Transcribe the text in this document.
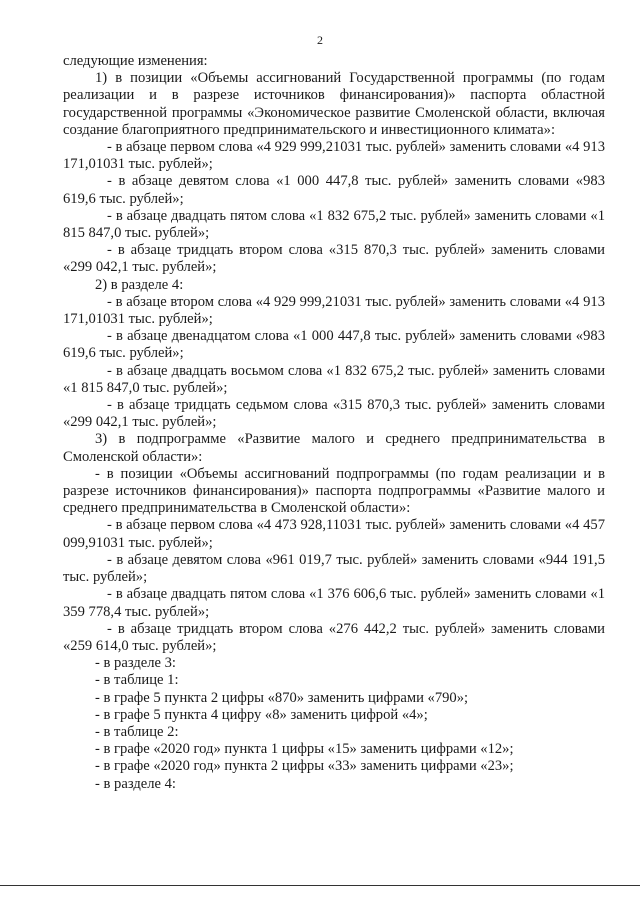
2

следующие изменения:

1) в позиции «Объемы ассигнований Государственной программы (по годам реализации и в разрезе источников финансирования)» паспорта областной государственной программы «Экономическое развитие Смоленской области, включая создание благоприятного предпринимательского и инвестиционного климата»:

- в абзаце первом слова «4 929 999,21031 тыс. рублей» заменить словами «4 913 171,01031 тыс. рублей»;

- в абзаце девятом слова «1 000 447,8 тыс. рублей» заменить словами «983 619,6 тыс. рублей»;

- в абзаце двадцать пятом слова «1 832 675,2 тыс. рублей» заменить словами «1 815 847,0 тыс. рублей»;

- в абзаце тридцать втором слова «315 870,3 тыс. рублей» заменить словами «299 042,1 тыс. рублей»;

2) в разделе 4:

- в абзаце втором слова «4 929 999,21031 тыс. рублей» заменить словами «4 913 171,01031 тыс. рублей»;

- в абзаце двенадцатом слова «1 000 447,8 тыс. рублей» заменить словами «983 619,6 тыс. рублей»;

- в абзаце двадцать восьмом слова «1 832 675,2 тыс. рублей» заменить словами «1 815 847,0 тыс. рублей»;

- в абзаце тридцать седьмом слова «315 870,3 тыс. рублей» заменить словами «299 042,1 тыс. рублей»;

3) в подпрограмме «Развитие малого и среднего предпринимательства в Смоленской области»:

- в позиции «Объемы ассигнований подпрограммы (по годам реализации и в разрезе источников финансирования)» паспорта подпрограммы «Развитие малого и среднего предпринимательства в Смоленской области»:

- в абзаце первом слова «4 473 928,11031 тыс. рублей» заменить словами «4 457 099,91031 тыс. рублей»;

- в абзаце девятом слова «961 019,7 тыс. рублей» заменить словами «944 191,5 тыс. рублей»;

- в абзаце двадцать пятом слова «1 376 606,6 тыс. рублей» заменить словами «1 359 778,4 тыс. рублей»;

- в абзаце тридцать втором слова «276 442,2 тыс. рублей» заменить словами «259 614,0 тыс. рублей»;

- в разделе 3:

- в таблице 1:

- в графе 5 пункта 2 цифры «870» заменить цифрами «790»;

- в графе 5 пункта 4 цифру «8» заменить цифрой «4»;

- в таблице 2:

- в графе «2020 год» пункта 1 цифры «15» заменить цифрами «12»;

- в графе «2020 год» пункта 2 цифры «33» заменить цифрами «23»;

- в разделе 4:
